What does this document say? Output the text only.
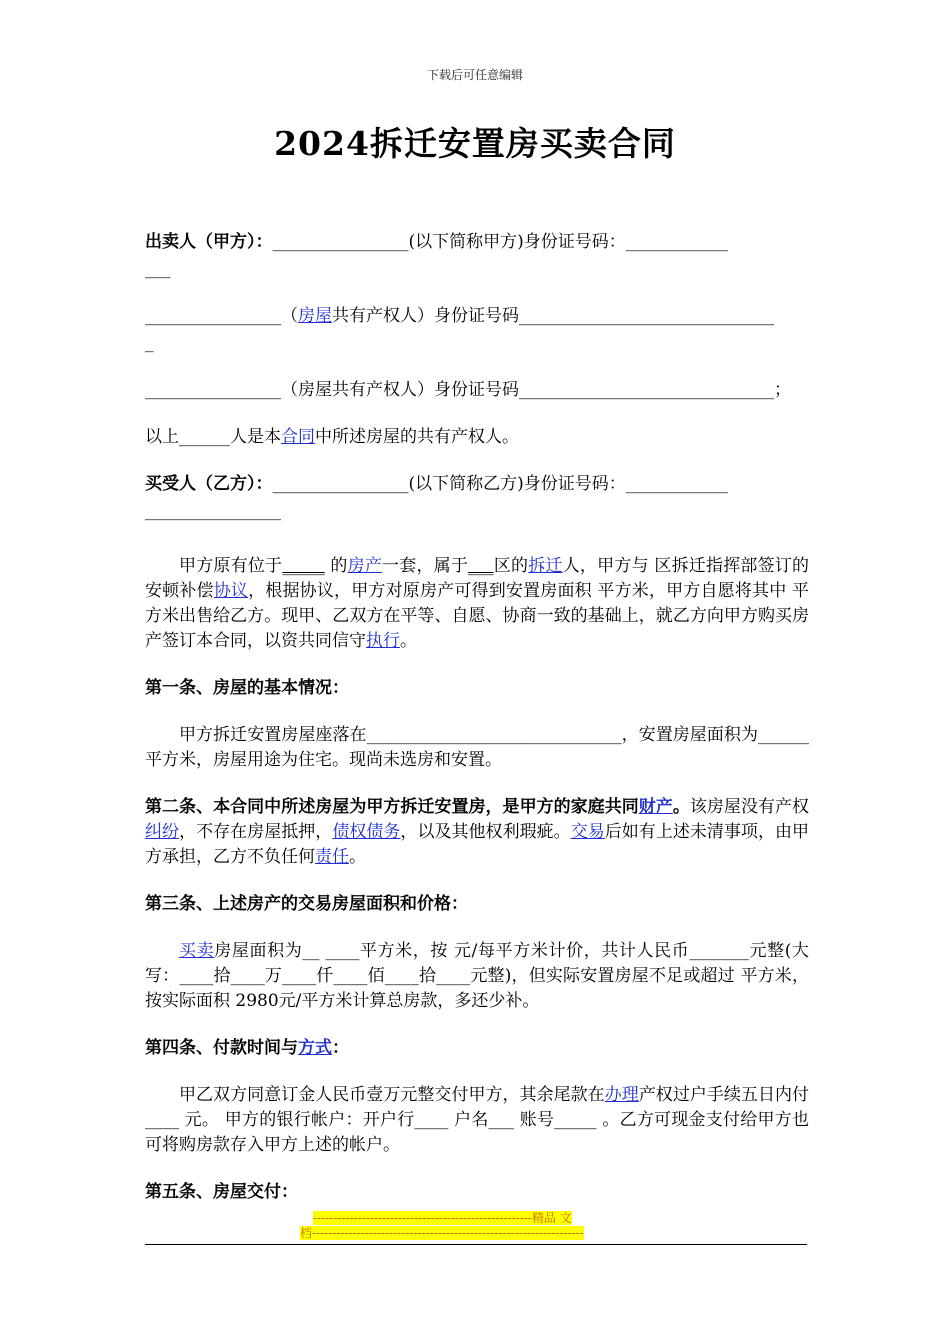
下载后可任意编辑
2024拆迁安置房买卖合同
出卖人（甲方）：________________(以下简称甲方)身份证号码：____________
___
________________（房屋共有产权人）身份证号码______________________________
_
________________（房屋共有产权人）身份证号码______________________________；
以上______人是本合同中所述房屋的共有产权人。
买受人（乙方）：________________(以下简称乙方)身份证号码：____________
________________
甲方原有位于_____ 的房产一套，属于___区的拆迁人，甲方与 区拆迁指挥部签订的安顿补偿协议，根据协议，甲方对原房产可得到安置房面积 平方米，甲方自愿将其中 平方米出售给乙方。现甲、乙双方在平等、自愿、协商一致的基础上，就乙方向甲方购买房产签订本合同，以资共同信守执行。
第一条、房屋的基本情况：
甲方拆迁安置房屋座落在______________________________，安置房屋面积为______平方米，房屋用途为住宅。现尚未选房和安置。
第二条、本合同中所述房屋为甲方拆迁安置房，是甲方的家庭共同财产。该房屋没有产权纠纷，不存在房屋抵押，债权债务，以及其他权利瑕疵。交易后如有上述未清事项，由甲方承担，乙方不负任何责任。
第三条、上述房产的交易房屋面积和价格：
买卖房屋面积为__ ____平方米，按 元/每平方米计价，共计人民币_______元整(大写：____拾____万____仟____佰____拾____元整)，但实际安置房屋不足或超过 平方米，按实际面积 2980元/平方米计算总房款，多还少补。
第四条、付款时间与方式：
甲乙双方同意订金人民币壹万元整交付甲方，其余尾款在办理产权过户手续五日内付____ 元。 甲方的银行帐户：开户行____ 户名___ 账号_____ 。乙方可现金支付给甲方也可将购房款存入甲方上述的帐户。
第五条、房屋交付：
------------------------------------------------------精品 文
档-------------------------------------------------------------------
